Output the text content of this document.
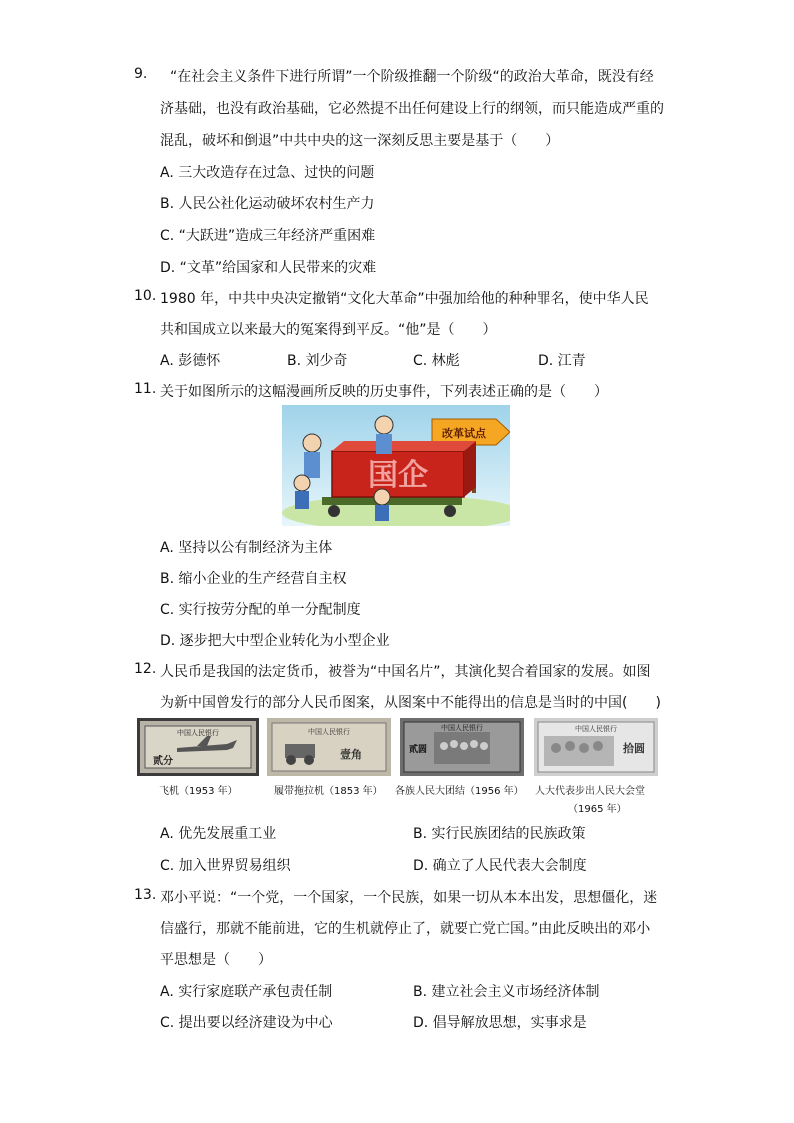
9. “在社会主义条件下进行所谓”一个阶级推翻一个阶级“的政治大革命，既没有经
济基础，也没有政治基础，它必然提不出任何建设上行的纲领，而只能造成严重的
混乱，破坏和倒退”中共中央的这一深刻反思主要是基于（　　）
A. 三大改造存在过急、过快的问题
B. 人民公社化运动破坏农村生产力
C. “大跃进”造成三年经济严重困难
D. “文革”给国家和人民带来的灾难
10. 1980 年，中共中央决定撤销“文化大革命”中强加给他的种种罪名，使中华人民
共和国成立以来最大的冤案得到平反。“他”是（　　）
A. 彭德怀	B. 刘少奇	C. 林彪	D. 江青
11. 关于如图所示的这幅漫画所反映的历史事件，下列表述正确的是（　　）
改革试点
国企
A. 坚持以公有制经济为主体
B. 缩小企业的生产经营自主权
C. 实行按劳分配的单一分配制度
D. 逐步把大中型企业转化为小型企业
12. 人民币是我国的法定货币，被誉为“中国名片”，其演化契合着国家的发展。如图
为新中国曾发行的部分人民币图案，从图案中不能得出的信息是当时的中国(　　)
中国人民银行
贰分
中国人民银行
壹角
中国人民银行
贰圆
中国人民银行
拾圆
飞机（1953 年）	履带拖拉机（1853 年） 各族人民大团结（1956 年） 人大代表步出人民大会堂
（1965 年）
A. 优先发展重工业	B. 实行民族团结的民族政策
C. 加入世界贸易组织	D. 确立了人民代表大会制度
13. 邓小平说：“一个党，一个国家，一个民族，如果一切从本本出发，思想僵化，迷
信盛行，那就不能前进，它的生机就停止了，就要亡党亡国。”由此反映出的邓小
平思想是（　　）
A. 实行家庭联产承包责任制	B. 建立社会主义市场经济体制
C. 提出要以经济建设为中心	D. 倡导解放思想，实事求是
